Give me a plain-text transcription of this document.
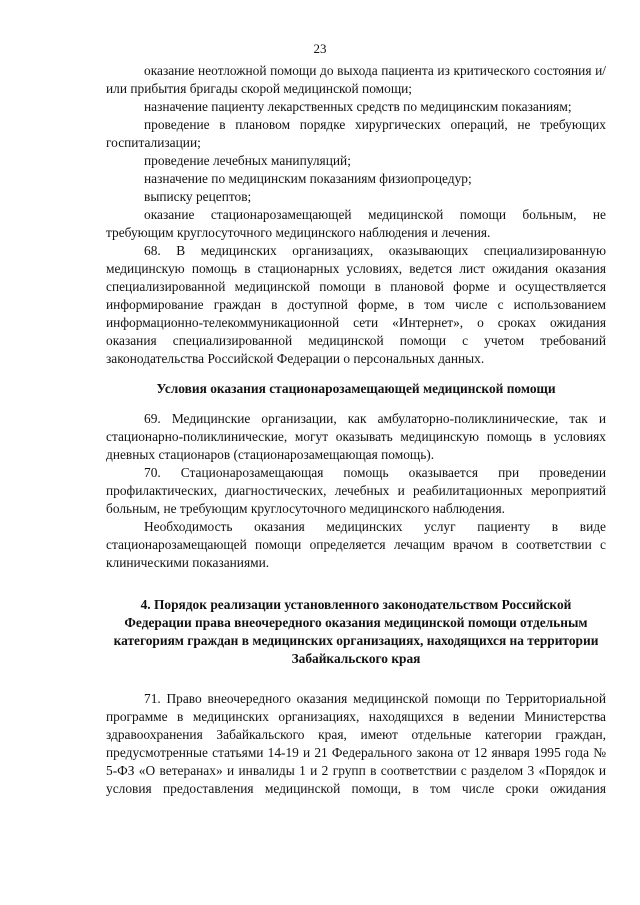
23

оказание неотложной помощи до выхода пациента из критического состояния и/или прибытия бригады скорой медицинской помощи;

назначение пациенту лекарственных средств по медицинским показаниям;

проведение в плановом порядке хирургических операций, не требующих госпитализации;

проведение лечебных манипуляций;

назначение по медицинским показаниям физиопроцедур;

выписку рецептов;

оказание стационарозамещающей медицинской помощи больным, не требующим круглосуточного медицинского наблюдения и лечения.

68. В медицинских организациях, оказывающих специализированную медицинскую помощь в стационарных условиях, ведется лист ожидания оказания специализированной медицинской помощи в плановой форме и осуществляется информирование граждан в доступной форме, в том числе с использованием информационно-телекоммуникационной сети «Интернет», о сроках ожидания оказания специализированной медицинской помощи с учетом требований законодательства Российской Федерации о персональных данных.

Условия оказания стационарозамещающей медицинской помощи

69. Медицинские организации, как амбулаторно-поликлинические, так и стационарно-поликлинические, могут оказывать медицинскую помощь в условиях дневных стационаров (стационарозамещающая помощь).

70. Стационарозамещающая помощь оказывается при проведении профилактических, диагностических, лечебных и реабилитационных мероприятий больным, не требующим круглосуточного медицинского наблюдения.

Необходимость оказания медицинских услуг пациенту в виде стационарозамещающей помощи определяется лечащим врачом в соответствии с клиническими показаниями.

4. Порядок реализации установленного законодательством Российской Федерации права внеочередного оказания медицинской помощи отдельным категориям граждан в медицинских организациях, находящихся на территории Забайкальского края

71. Право внеочередного оказания медицинской помощи по Территориальной программе в медицинских организациях, находящихся в ведении Министерства здравоохранения Забайкальского края, имеют отдельные категории граждан, предусмотренные статьями 14-19 и 21 Федерального закона от 12 января 1995 года № 5-ФЗ «О ветеранах» и инвалиды 1 и 2 групп в соответствии с разделом 3 «Порядок и условия предоставления медицинской помощи, в том числе сроки ожидания
